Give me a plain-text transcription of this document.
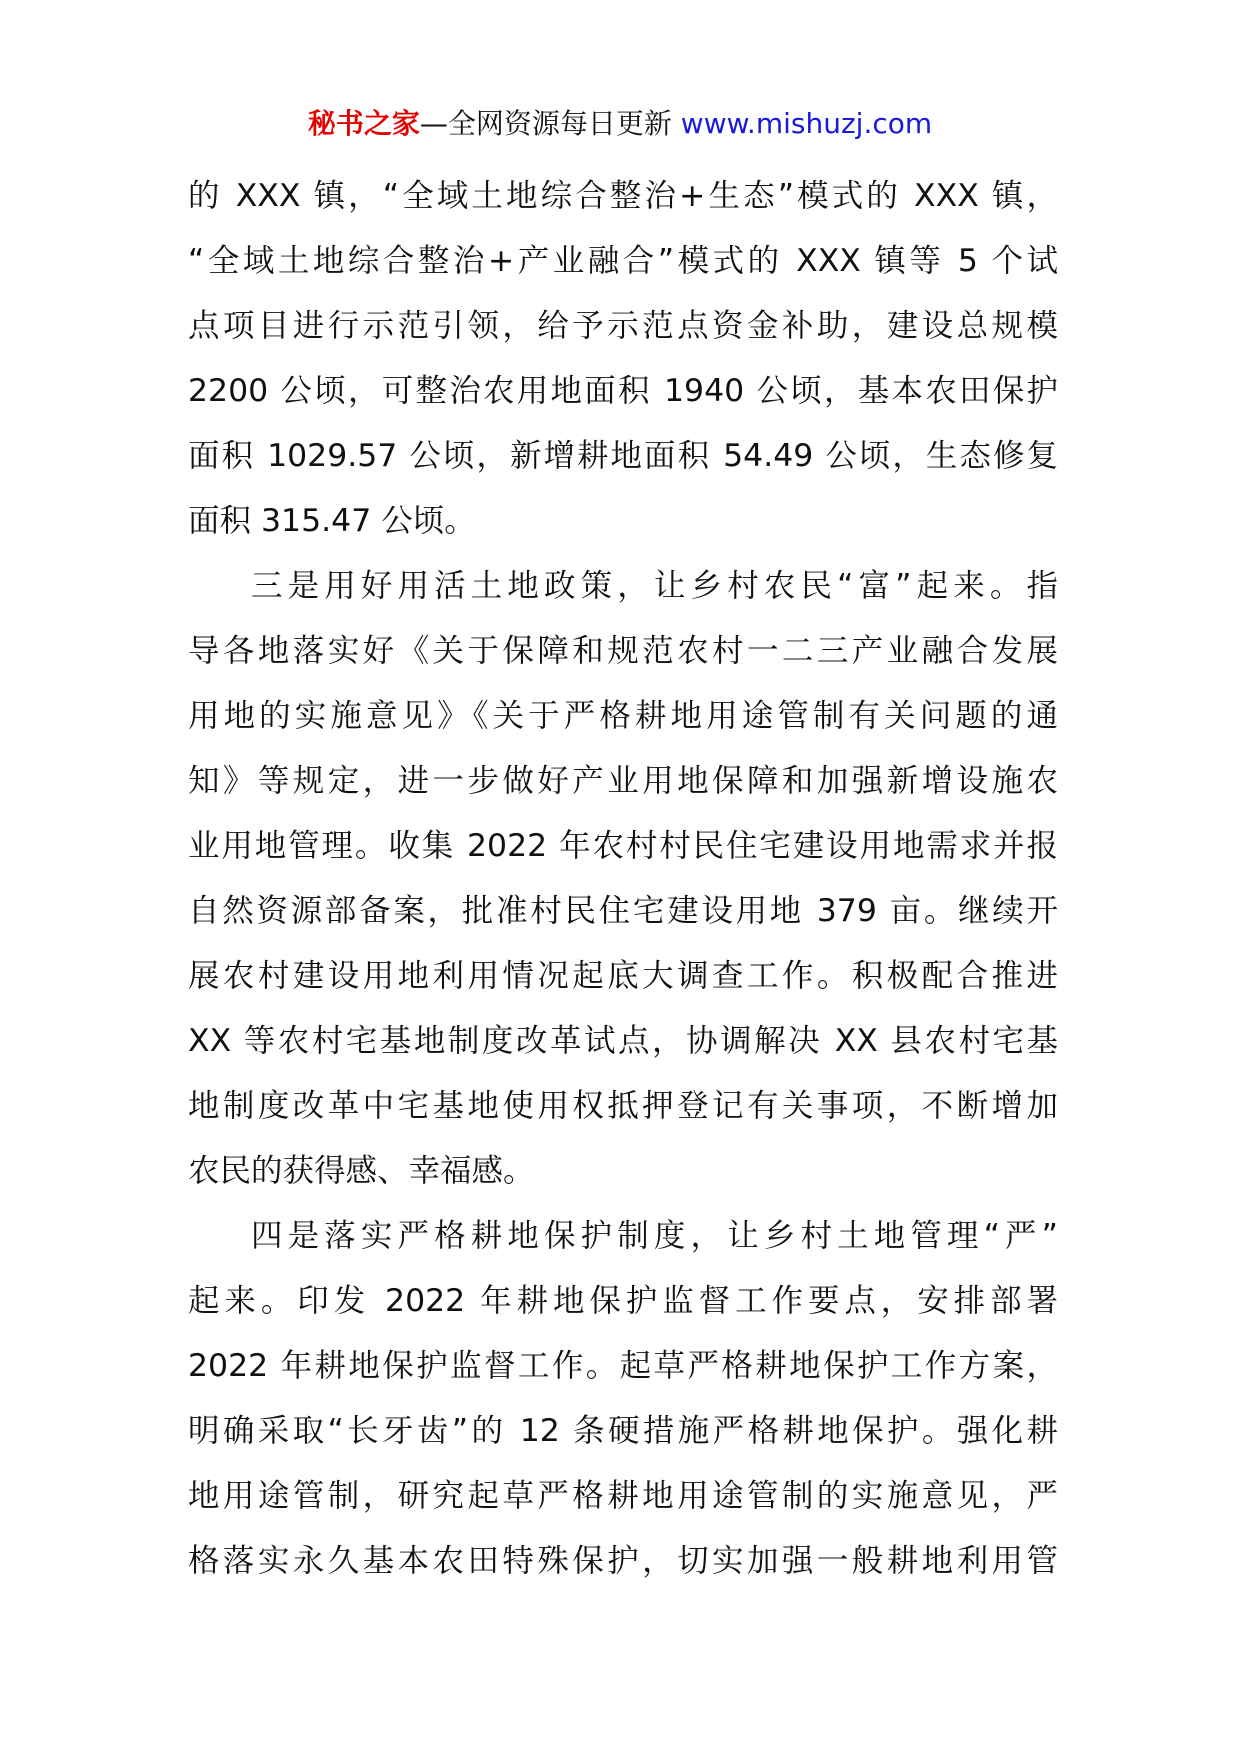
秘书之家—全网资源每日更新 www.mishuzj.com
的 XXX 镇，“全域土地综合整治+生态”模式的 XXX 镇，
“全域土地综合整治+产业融合”模式的 XXX 镇等 5 个试
点项目进行示范引领，给予示范点资金补助，建设总规模
2200 公顷，可整治农用地面积 1940 公顷，基本农田保护
面积 1029.57 公顷，新增耕地面积 54.49 公顷，生态修复
面积 315.47 公顷。
三是用好用活土地政策，让乡村农民“富”起来。指
导各地落实好《关于保障和规范农村一二三产业融合发展
用地的实施意见》《关于严格耕地用途管制有关问题的通
知》等规定，进一步做好产业用地保障和加强新增设施农
业用地管理。收集 2022 年农村村民住宅建设用地需求并报
自然资源部备案，批准村民住宅建设用地 379 亩。继续开
展农村建设用地利用情况起底大调查工作。积极配合推进
XX 等农村宅基地制度改革试点，协调解决 XX 县农村宅基
地制度改革中宅基地使用权抵押登记有关事项，不断增加
农民的获得感、幸福感。
四是落实严格耕地保护制度，让乡村土地管理“严”
起来。印发 2022 年耕地保护监督工作要点，安排部署
2022 年耕地保护监督工作。起草严格耕地保护工作方案，
明确采取“长牙齿”的 12 条硬措施严格耕地保护。强化耕
地用途管制，研究起草严格耕地用途管制的实施意见，严
格落实永久基本农田特殊保护，切实加强一般耕地利用管
